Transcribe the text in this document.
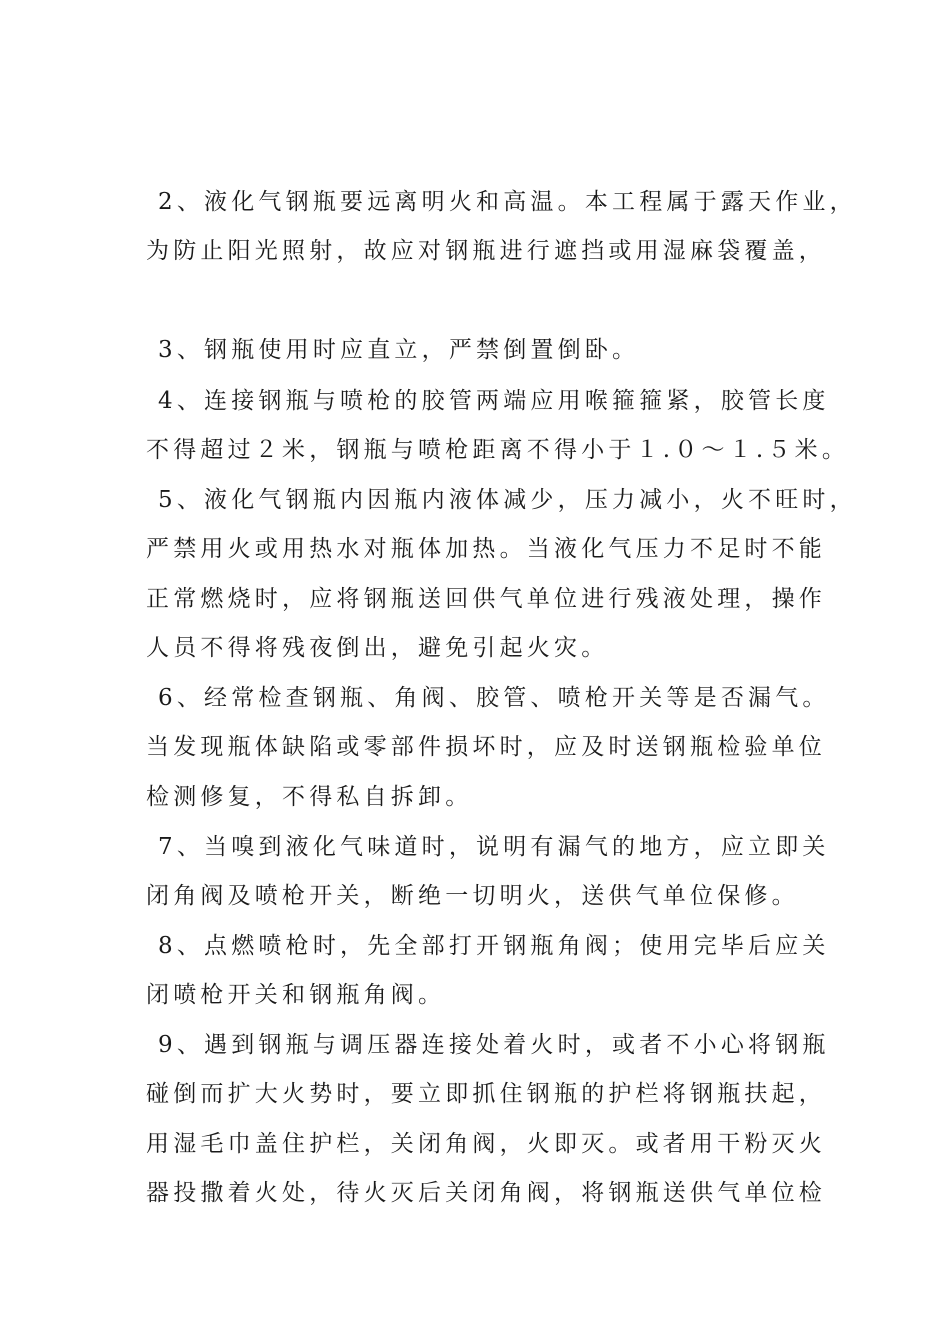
2、液化气钢瓶要远离明火和高温。本工程属于露天作业，
为防止阳光照射，故应对钢瓶进行遮挡或用湿麻袋覆盖，
3、钢瓶使用时应直立，严禁倒置倒卧。
4、连接钢瓶与喷枪的胶管两端应用喉箍箍紧，胶管长度
不得超过２米，钢瓶与喷枪距离不得小于１.０～１.５米。
5、液化气钢瓶内因瓶内液体减少，压力减小，火不旺时，
严禁用火或用热水对瓶体加热。当液化气压力不足时不能
正常燃烧时，应将钢瓶送回供气单位进行残液处理，操作
人员不得将残夜倒出，避免引起火灾。
6、经常检查钢瓶、角阀、胶管、喷枪开关等是否漏气。
当发现瓶体缺陷或零部件损坏时，应及时送钢瓶检验单位
检测修复，不得私自拆卸。
7、当嗅到液化气味道时，说明有漏气的地方，应立即关
闭角阀及喷枪开关，断绝一切明火，送供气单位保修。
8、点燃喷枪时，先全部打开钢瓶角阀；使用完毕后应关
闭喷枪开关和钢瓶角阀。
9、遇到钢瓶与调压器连接处着火时，或者不小心将钢瓶
碰倒而扩大火势时，要立即抓住钢瓶的护栏将钢瓶扶起，
用湿毛巾盖住护栏，关闭角阀，火即灭。或者用干粉灭火
器投撒着火处，待火灭后关闭角阀，将钢瓶送供气单位检
